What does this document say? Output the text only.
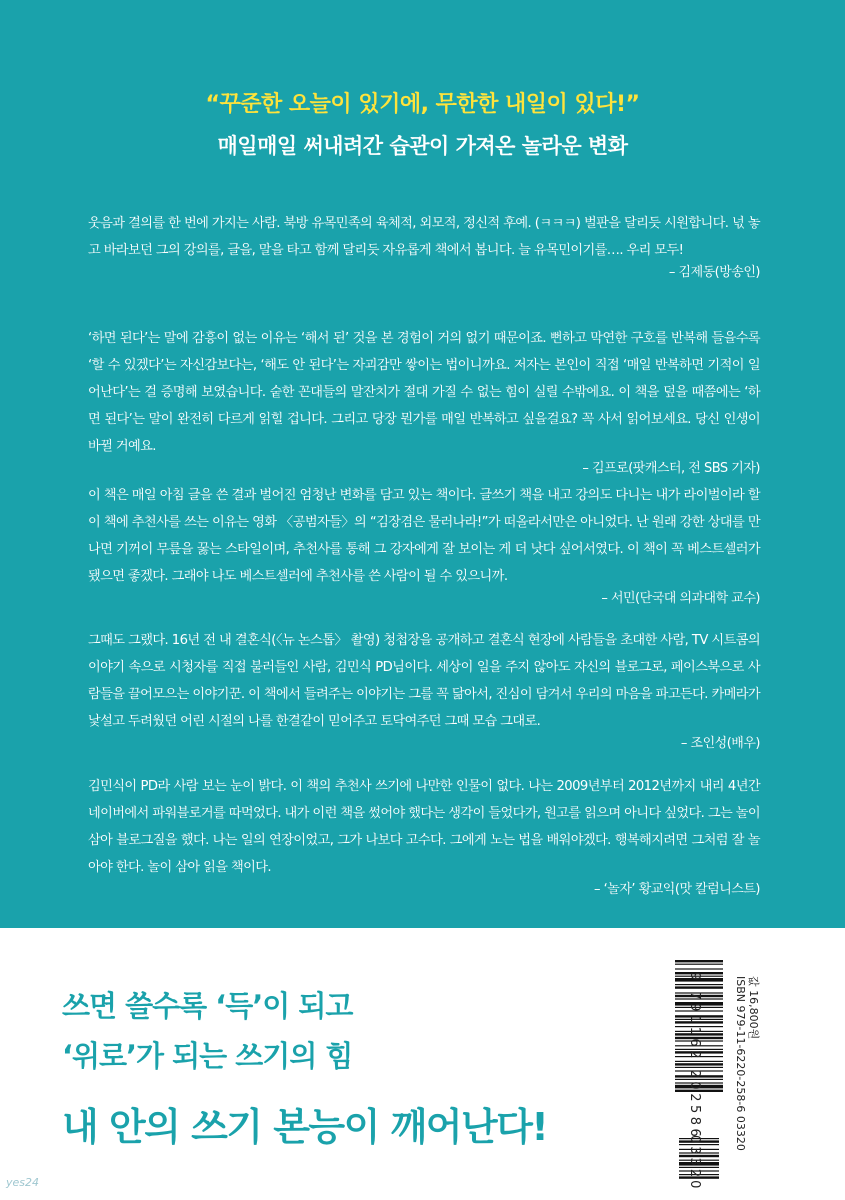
“꾸준한 오늘이 있기에, 무한한 내일이 있다!”
매일매일 써내려간 습관이 가져온 놀라운 변화

웃음과 결의를 한 번에 가지는 사람. 북방 유목민족의 육체적, 외모적, 정신적 후예. (ㅋㅋㅋ) 벌판을 달리듯 시원합니다. 넋 놓고 바라보던 그의 강의를, 글을, 말을 타고 함께 달리듯 자유롭게 책에서 봅니다. 늘 유목민이기를…. 우리 모두!

– 김제동(방송인)

‘하면 된다’는 말에 감흥이 없는 이유는 ‘해서 된’ 것을 본 경험이 거의 없기 때문이죠. 뻔하고 막연한 구호를 반복해 들을수록 ‘할 수 있겠다’는 자신감보다는, ‘해도 안 된다’는 자괴감만 쌓이는 법이니까요. 저자는 본인이 직접 ‘매일 반복하면 기적이 일어난다’는 걸 증명해 보였습니다. 숱한 꼰대들의 말잔치가 절대 가질 수 없는 힘이 실릴 수밖에요. 이 책을 덮을 때쯤에는 ‘하면 된다’는 말이 완전히 다르게 읽힐 겁니다. 그리고 당장 뭔가를 매일 반복하고 싶을걸요? 꼭 사서 읽어보세요. 당신 인생이 바뀔 거예요.

– 김프로(팟캐스터, 전 SBS 기자)

이 책은 매일 아침 글을 쓴 결과 벌어진 엄청난 변화를 담고 있는 책이다. 글쓰기 책을 내고 강의도 다니는 내가 라이벌이라 할 이 책에 추천사를 쓰는 이유는 영화 〈공범자들〉의 “김장겸은 물러나라!”가 떠올라서만은 아니었다. 난 원래 강한 상대를 만나면 기꺼이 무릎을 꿇는 스타일이며, 추천사를 통해 그 강자에게 잘 보이는 게 더 낫다 싶어서였다. 이 책이 꼭 베스트셀러가 됐으면 좋겠다. 그래야 나도 베스트셀러에 추천사를 쓴 사람이 될 수 있으니까.

– 서민(단국대 의과대학 교수)

그때도 그랬다. 16년 전 내 결혼식(〈뉴 논스톱〉 촬영) 청첩장을 공개하고 결혼식 현장에 사람들을 초대한 사람, TV 시트콤의 이야기 속으로 시청자를 직접 불러들인 사람, 김민식 PD님이다. 세상이 일을 주지 않아도 자신의 블로그로, 페이스북으로 사람들을 끌어모으는 이야기꾼. 이 책에서 들려주는 이야기는 그를 꼭 닮아서, 진심이 담겨서 우리의 마음을 파고든다. 카메라가 낯설고 두려웠던 어린 시절의 나를 한결같이 믿어주고 토닥여주던 그때 모습 그대로.

– 조인성(배우)

김민식이 PD라 사람 보는 눈이 밝다. 이 책의 추천사 쓰기에 나만한 인물이 없다. 나는 2009년부터 2012년까지 내리 4년간 네이버에서 파워블로거를 따먹었다. 내가 이런 책을 썼어야 했다는 생각이 들었다가, 원고를 읽으며 아니다 싶었다. 그는 놀이 삼아 블로그질을 했다. 나는 일의 연장이었고, 그가 나보다 고수다. 그에게 노는 법을 배워야겠다. 행복해지려면 그처럼 잘 놀아야 한다. 놀이 삼아 읽을 책이다.

– ‘놀자’ 황교익(맛 칼럼니스트)
쓰면 쓸수록 ‘득’이 되고
‘위로’가 되는 쓰기의 힘
내 안의 쓰기 본능이 깨어난다!
값 16,800원
ISBN 979-11-6220-258-6 03320
9 791162 202586
03320
yes24
